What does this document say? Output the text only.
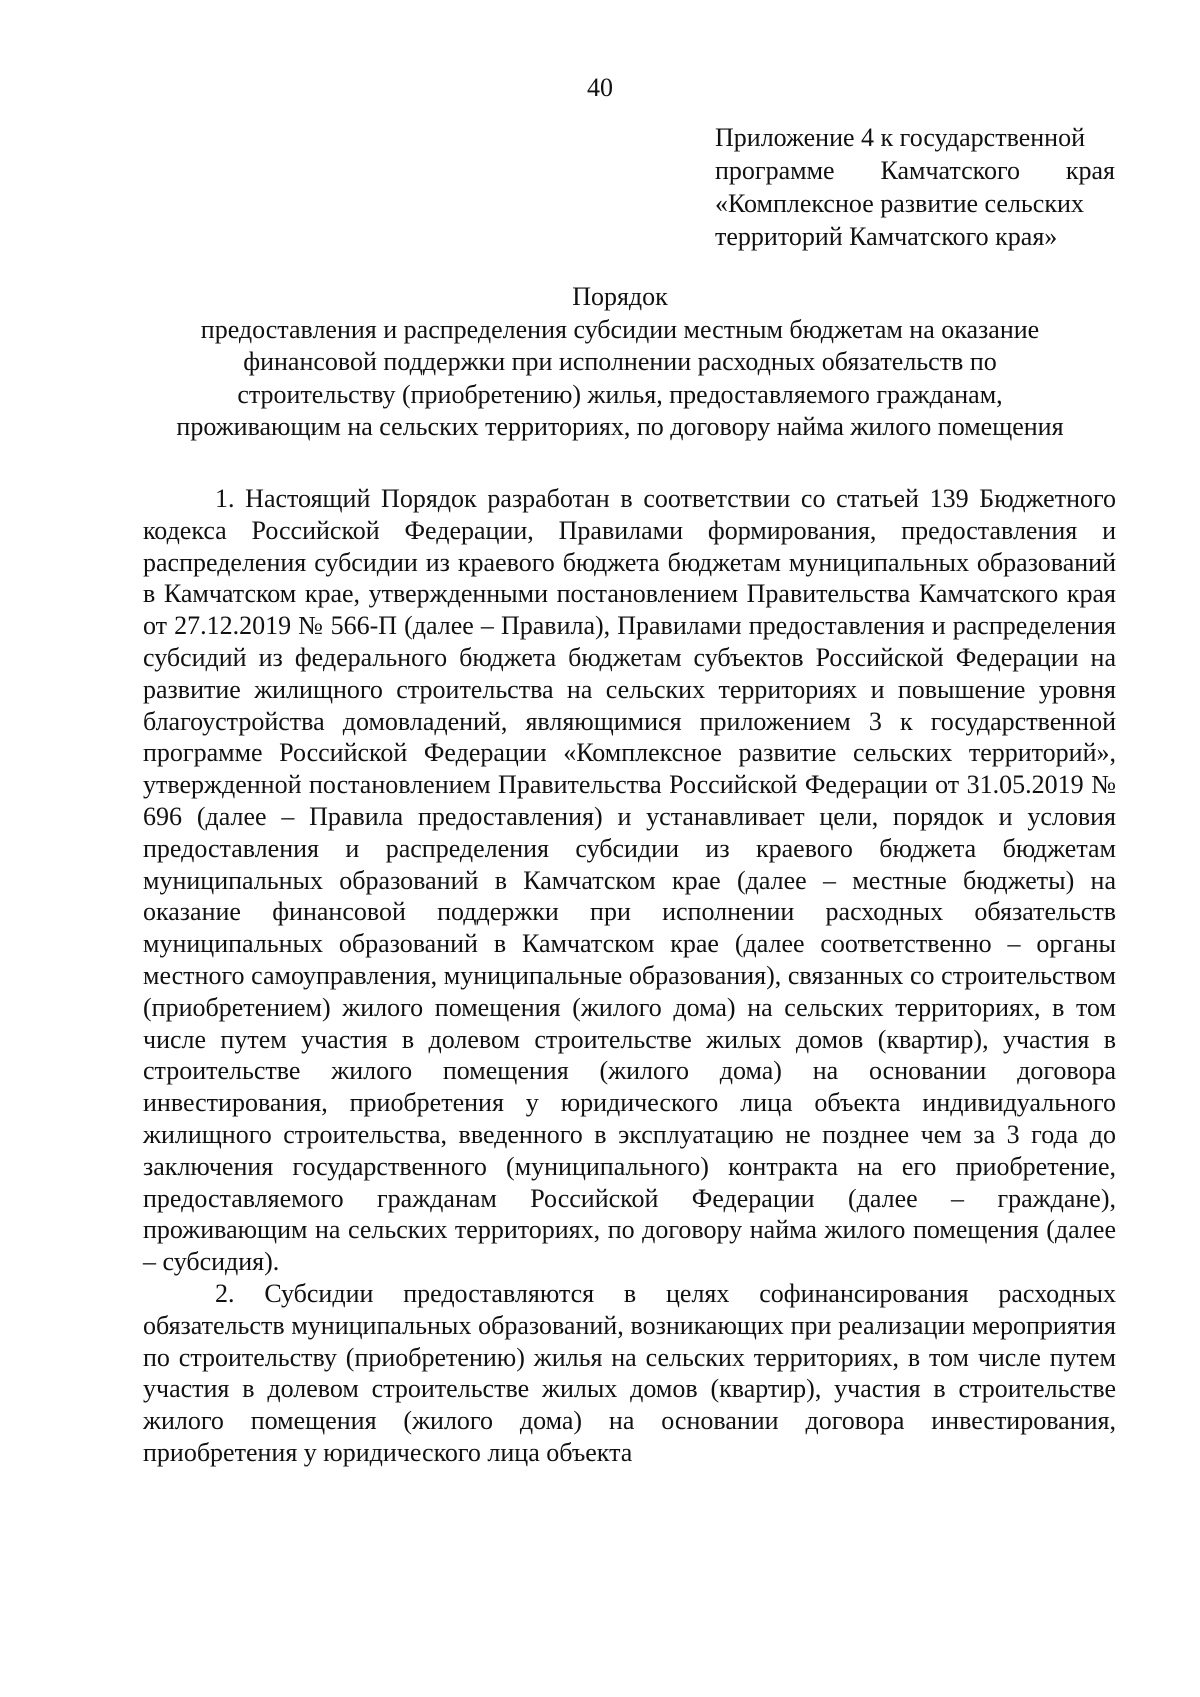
40
Приложение 4 к государственной
программе Камчатского края
«Комплексное развитие сельских
территорий Камчатского края»
Порядок
предоставления и распределения субсидии местным бюджетам на оказание
финансовой поддержки при исполнении расходных обязательств по
строительству (приобретению) жилья, предоставляемого гражданам,
проживающим на сельских территориях, по договору найма жилого помещения

1. Настоящий Порядок разработан в соответствии со статьей 139 Бюджетного кодекса Российской Федерации, Правилами формирования, предоставления и распределения субсидии из краевого бюджета бюджетам муниципальных образований в Камчатском крае, утвержденными постановлением Правительства Камчатского края от 27.12.2019 № 566-П (далее – Правила), Правилами предоставления и распределения субсидий из федерального бюджета бюджетам субъектов Российской Федерации на развитие жилищного строительства на сельских территориях и повышение уровня благоустройства домовладений, являющимися приложением 3 к государственной программе Российской Федерации «Комплексное развитие сельских территорий», утвержденной постановлением Правительства Российской Федерации от 31.05.2019 № 696 (далее – Правила предоставления) и устанавливает цели, порядок и условия предоставления и распределения субсидии из краевого бюджета бюджетам муниципальных образований в Камчатском крае (далее – местные бюджеты) на оказание финансовой поддержки при исполнении расходных обязательств муниципальных образований в Камчатском крае (далее соответственно – органы местного самоуправления, муниципальные образования), связанных со строительством (приобретением) жилого помещения (жилого дома) на сельских территориях, в том числе путем участия в долевом строительстве жилых домов (квартир), участия в строительстве жилого помещения (жилого дома) на основании договора инвестирования, приобретения у юридического лица объекта индивидуального жилищного строительства, введенного в эксплуатацию не позднее чем за 3 года до заключения государственного (муниципального) контракта на его приобретение, предоставляемого гражданам Российской Федерации (далее – граждане), проживающим на сельских территориях, по договору найма жилого помещения (далее – субсидия).

2. Субсидии предоставляются в целях софинансирования расходных обязательств муниципальных образований, возникающих при реализации мероприятия по строительству (приобретению) жилья на сельских территориях, в том числе путем участия в долевом строительстве жилых домов (квартир), участия в строительстве жилого помещения (жилого дома) на основании договора инвестирования, приобретения у юридического лица объекта
